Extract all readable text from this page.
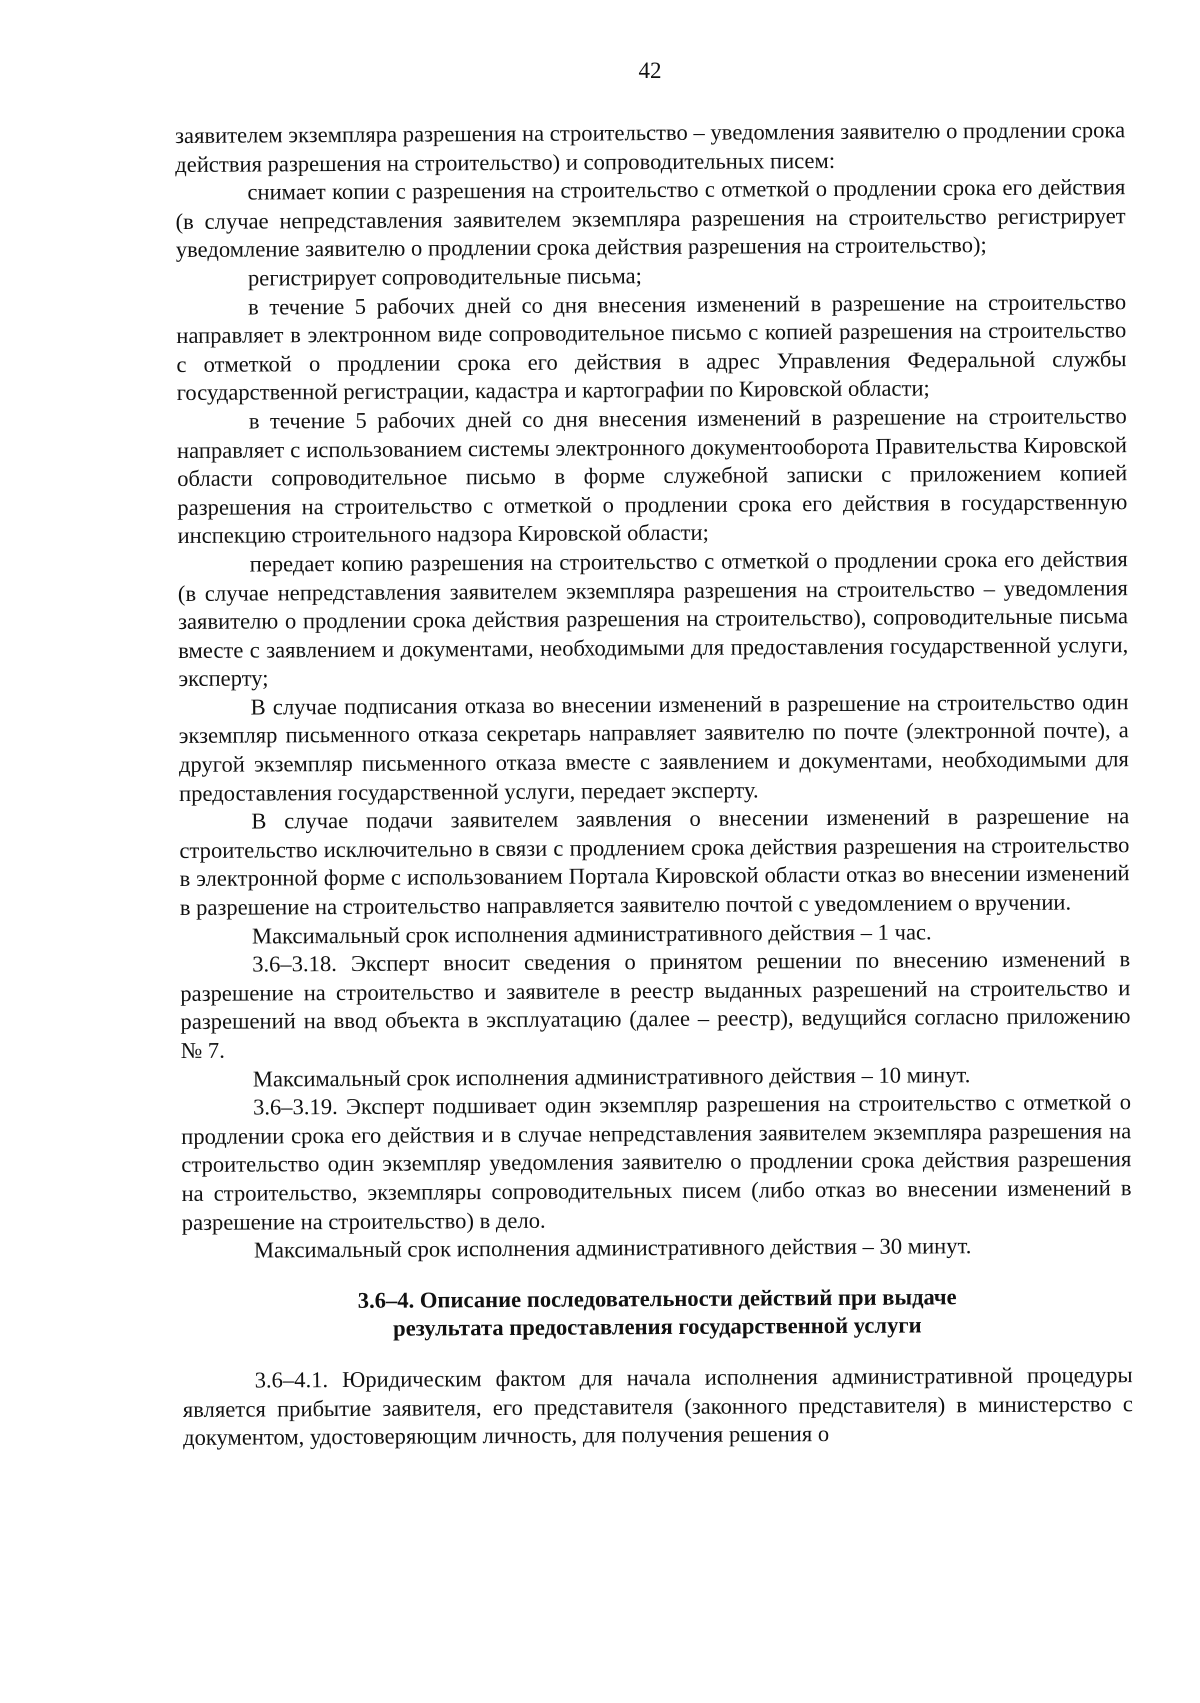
42

заявителем экземпляра разрешения на строительство – уведомления заявителю о продлении срока действия разрешения на строительство) и сопроводительных писем:

снимает копии с разрешения на строительство с отметкой о продлении срока его действия (в случае непредставления заявителем экземпляра разрешения на строительство регистрирует уведомление заявителю о продлении срока действия разрешения на строительство);

регистрирует сопроводительные письма;

в течение 5 рабочих дней со дня внесения изменений в разрешение на строительство направляет в электронном виде сопроводительное письмо с копией разрешения на строительство с отметкой о продлении срока его действия в адрес Управления Федеральной службы государственной регистрации, кадастра и картографии по Кировской области;

в течение 5 рабочих дней со дня внесения изменений в разрешение на строительство направляет с использованием системы электронного документооборота Правительства Кировской области сопроводительное письмо в форме служебной записки с приложением копией разрешения на строительство с отметкой о продлении срока его действия в государственную инспекцию строительного надзора Кировской области;

передает копию разрешения на строительство с отметкой о продлении срока его действия (в случае непредставления заявителем экземпляра разрешения на строительство – уведомления заявителю о продлении срока действия разрешения на строительство), сопроводительные письма вместе с заявлением и документами, необходимыми для предоставления государственной услуги, эксперту;

В случае подписания отказа во внесении изменений в разрешение на строительство один экземпляр письменного отказа секретарь направляет заявителю по почте (электронной почте), а другой экземпляр письменного отказа вместе с заявлением и документами, необходимыми для предоставления государственной услуги, передает эксперту.

В случае подачи заявителем заявления о внесении изменений в разрешение на строительство исключительно в связи с продлением срока действия разрешения на строительство в электронной форме с использованием Портала Кировской области отказ во внесении изменений в разрешение на строительство направляется заявителю почтой с уведомлением о вручении.

Максимальный срок исполнения административного действия – 1 час.

3.6–3.18. Эксперт вносит сведения о принятом решении по внесению изменений в разрешение на строительство и заявителе в реестр выданных разрешений на строительство и разрешений на ввод объекта в эксплуатацию (далее – реестр), ведущийся согласно приложению № 7.

Максимальный срок исполнения административного действия – 10 минут.

3.6–3.19. Эксперт подшивает один экземпляр разрешения на строительство с отметкой о продлении срока его действия и в случае непредставления заявителем экземпляра разрешения на строительство один экземпляр уведомления заявителю о продлении срока действия разрешения на строительство, экземпляры сопроводительных писем (либо отказ во внесении изменений в разрешение на строительство) в дело.

Максимальный срок исполнения административного действия – 30 минут.

3.6–4. Описание последовательности действий при выдаче
результата предоставления государственной услуги

3.6–4.1. Юридическим фактом для начала исполнения административной процедуры является прибытие заявителя, его представителя (законного представителя) в министерство с документом, удостоверяющим личность, для получения решения о
